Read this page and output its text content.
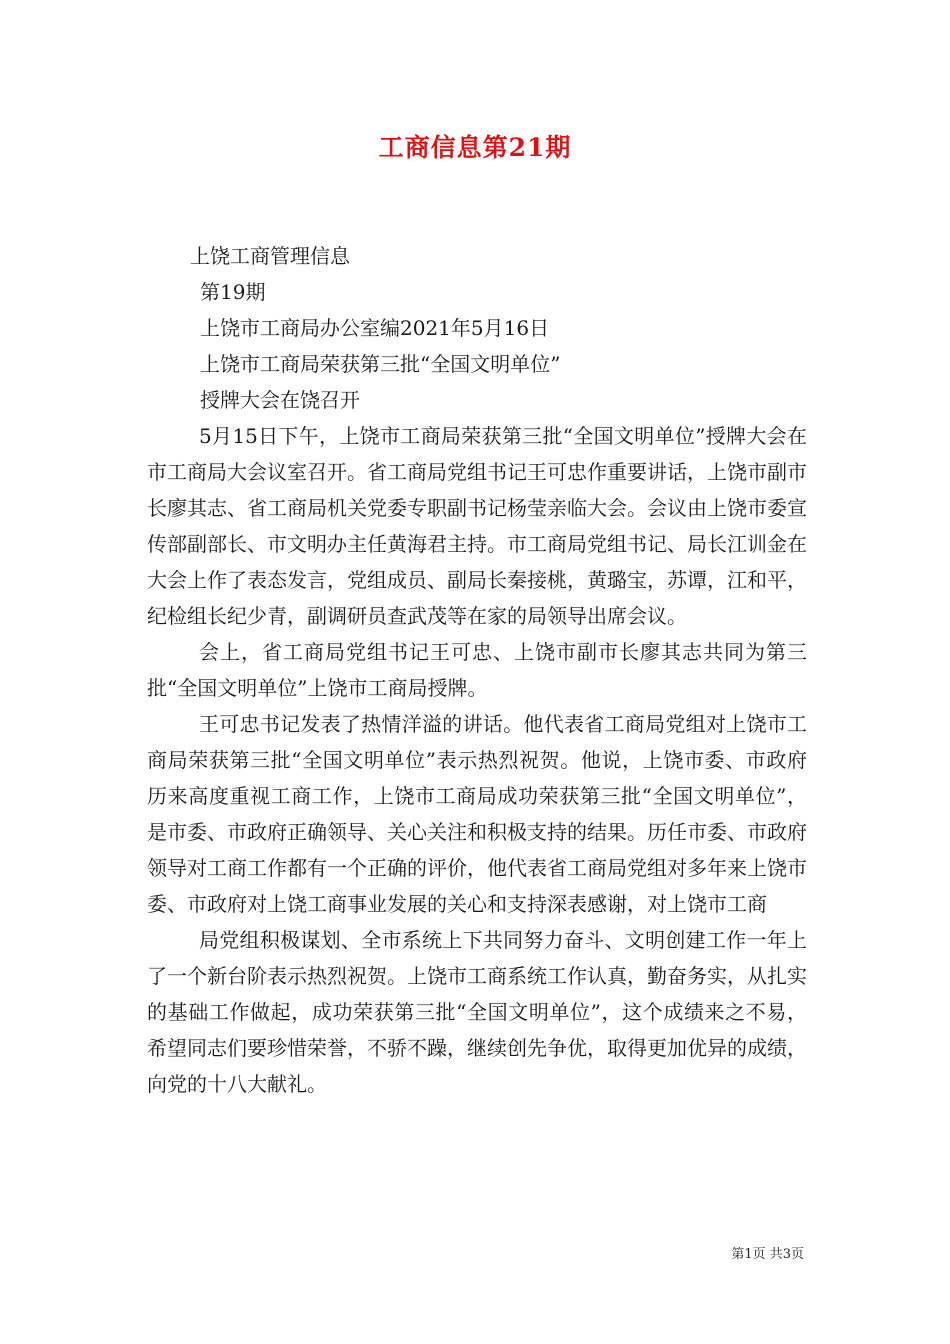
工商信息第21期
上饶工商管理信息
第19期
上饶市工商局办公室编2021年5月16日
上饶市工商局荣获第三批“全国文明单位”
授牌大会在饶召开

5月15日下午，上饶市工商局荣获第三批“全国文明单位”授牌大会在市工商局大会议室召开。省工商局党组书记王可忠作重要讲话，上饶市副市长廖其志、省工商局机关党委专职副书记杨莹亲临大会。会议由上饶市委宣传部副部长、市文明办主任黄海君主持。市工商局党组书记、局长江训金在大会上作了表态发言，党组成员、副局长秦接桃，黄璐宝，苏谭，江和平，纪检组长纪少青，副调研员查武茂等在家的局领导出席会议。

会上，省工商局党组书记王可忠、上饶市副市长廖其志共同为第三批“全国文明单位”上饶市工商局授牌。

王可忠书记发表了热情洋溢的讲话。他代表省工商局党组对上饶市工商局荣获第三批“全国文明单位”表示热烈祝贺。他说，上饶市委、市政府历来高度重视工商工作，上饶市工商局成功荣获第三批“全国文明单位”，是市委、市政府正确领导、关心关注和积极支持的结果。历任市委、市政府领导对工商工作都有一个正确的评价，他代表省工商局党组对多年来上饶市委、市政府对上饶工商事业发展的关心和支持深表感谢，对上饶市工商

局党组积极谋划、全市系统上下共同努力奋斗、文明创建工作一年上了一个新台阶表示热烈祝贺。上饶市工商系统工作认真，勤奋务实，从扎实的基础工作做起，成功荣获第三批“全国文明单位”，这个成绩来之不易，希望同志们要珍惜荣誉，不骄不躁，继续创先争优，取得更加优异的成绩，向党的十八大献礼。

第1页 共3页
